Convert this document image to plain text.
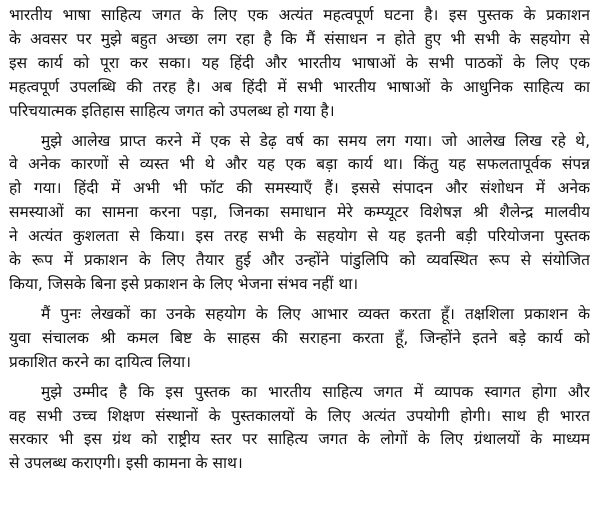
भारतीय भाषा साहित्य जगत के लिए एक अत्यंत महत्वपूर्ण घटना है। इस पुस्तक के प्रकाशन
के अवसर पर मुझे बहुत अच्छा लग रहा है कि मैं संसाधन न होते हुए भी सभी के सहयोग से
इस कार्य को पूरा कर सका। यह हिंदी और भारतीय भाषाओं के सभी पाठकों के लिए एक
महत्वपूर्ण उपलब्धि की तरह है। अब हिंदी में सभी भारतीय भाषाओं के आधुनिक साहित्य का
परिचयात्मक इतिहास साहित्य जगत को उपलब्ध हो गया है।
मुझे आलेख प्राप्त करने में एक से डेढ़ वर्ष का समय लग गया। जो आलेख लिख रहे थे,
वे अनेक कारणों से व्यस्त भी थे और यह एक बड़ा कार्य था। किंतु यह सफलतापूर्वक संपन्न
हो गया। हिंदी में अभी भी फॉट की समस्याएँ हैं। इससे संपादन और संशोधन में अनेक
समस्याओं का सामना करना पड़ा, जिनका समाधान मेरे कम्प्यूटर विशेषज्ञ श्री शैलेन्द्र मालवीय
ने अत्यंत कुशलता से किया। इस तरह सभी के सहयोग से यह इतनी बड़ी परियोजना पुस्तक
के रूप में प्रकाशन के लिए तैयार हुई और उन्होंने पांडुलिपि को व्यवस्थित रूप से संयोजित
किया, जिसके बिना इसे प्रकाशन के लिए भेजना संभव नहीं था।
मैं पुनः लेखकों का उनके सहयोग के लिए आभार व्यक्त करता हूँ। तक्षशिला प्रकाशन के
युवा संचालक श्री कमल बिष्ट के साहस की सराहना करता हूँ, जिन्होंने इतने बड़े कार्य को
प्रकाशित करने का दायित्व लिया।
मुझे उम्मीद है कि इस पुस्तक का भारतीय साहित्य जगत में व्यापक स्वागत होगा और
वह सभी उच्च शिक्षण संस्थानों के पुस्तकालयों के लिए अत्यंत उपयोगी होगी। साथ ही भारत
सरकार भी इस ग्रंथ को राष्ट्रीय स्तर पर साहित्य जगत के लोगों के लिए ग्रंथालयों के माध्यम
से उपलब्ध कराएगी। इसी कामना के साथ।
